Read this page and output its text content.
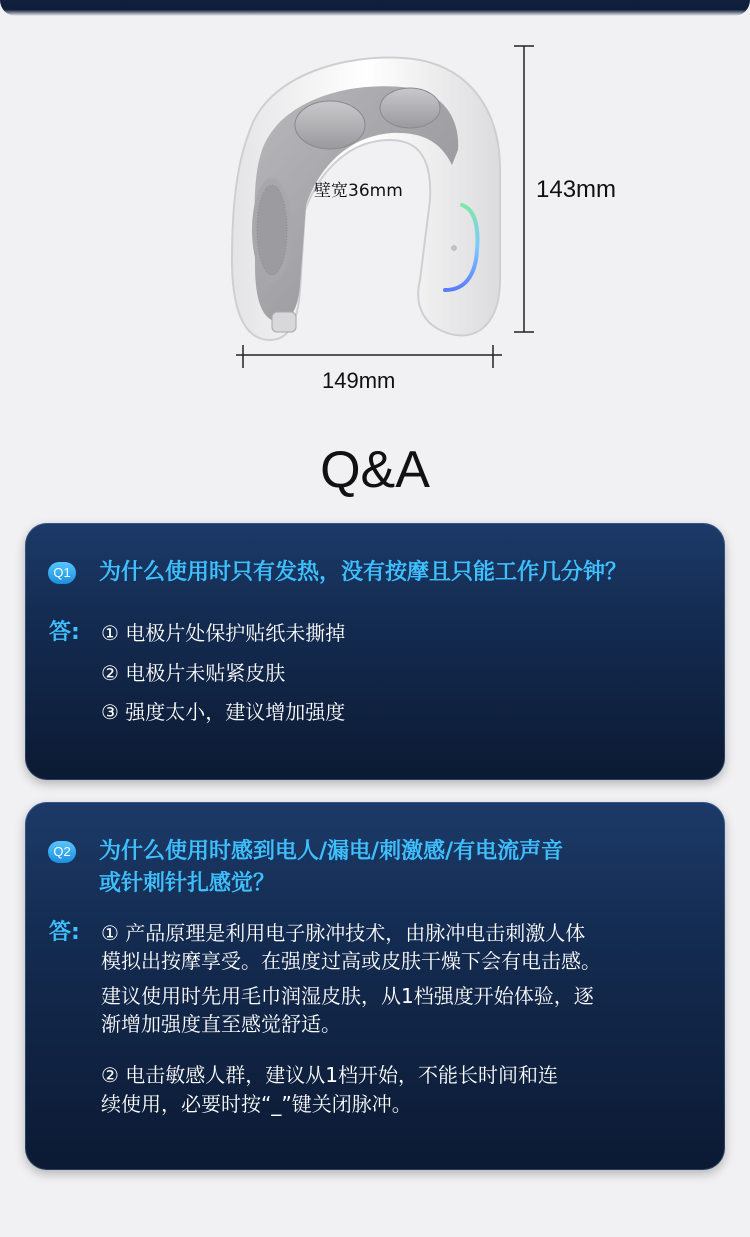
壁宽36mm	143mm
149mm
Q&A
Q1 为什么使用时只有发热，没有按摩且只能工作几分钟？
答: ① 电极片处保护贴纸未撕掉
② 电极片未贴紧皮肤
③ 强度太小，建议增加强度
Q2 为什么使用时感到电人/漏电/刺激感/有电流声音
或针刺针扎感觉？
答: ① 产品原理是利用电子脉冲技术，由脉冲电击刺激人体
模拟出按摩享受。在强度过高或皮肤干燥下会有电击感。
建议使用时先用毛巾润湿皮肤，从1档强度开始体验，逐
渐增加强度直至感觉舒适。
② 电击敏感人群，建议从1档开始，不能长时间和连
续使用，必要时按“_”键关闭脉冲。
